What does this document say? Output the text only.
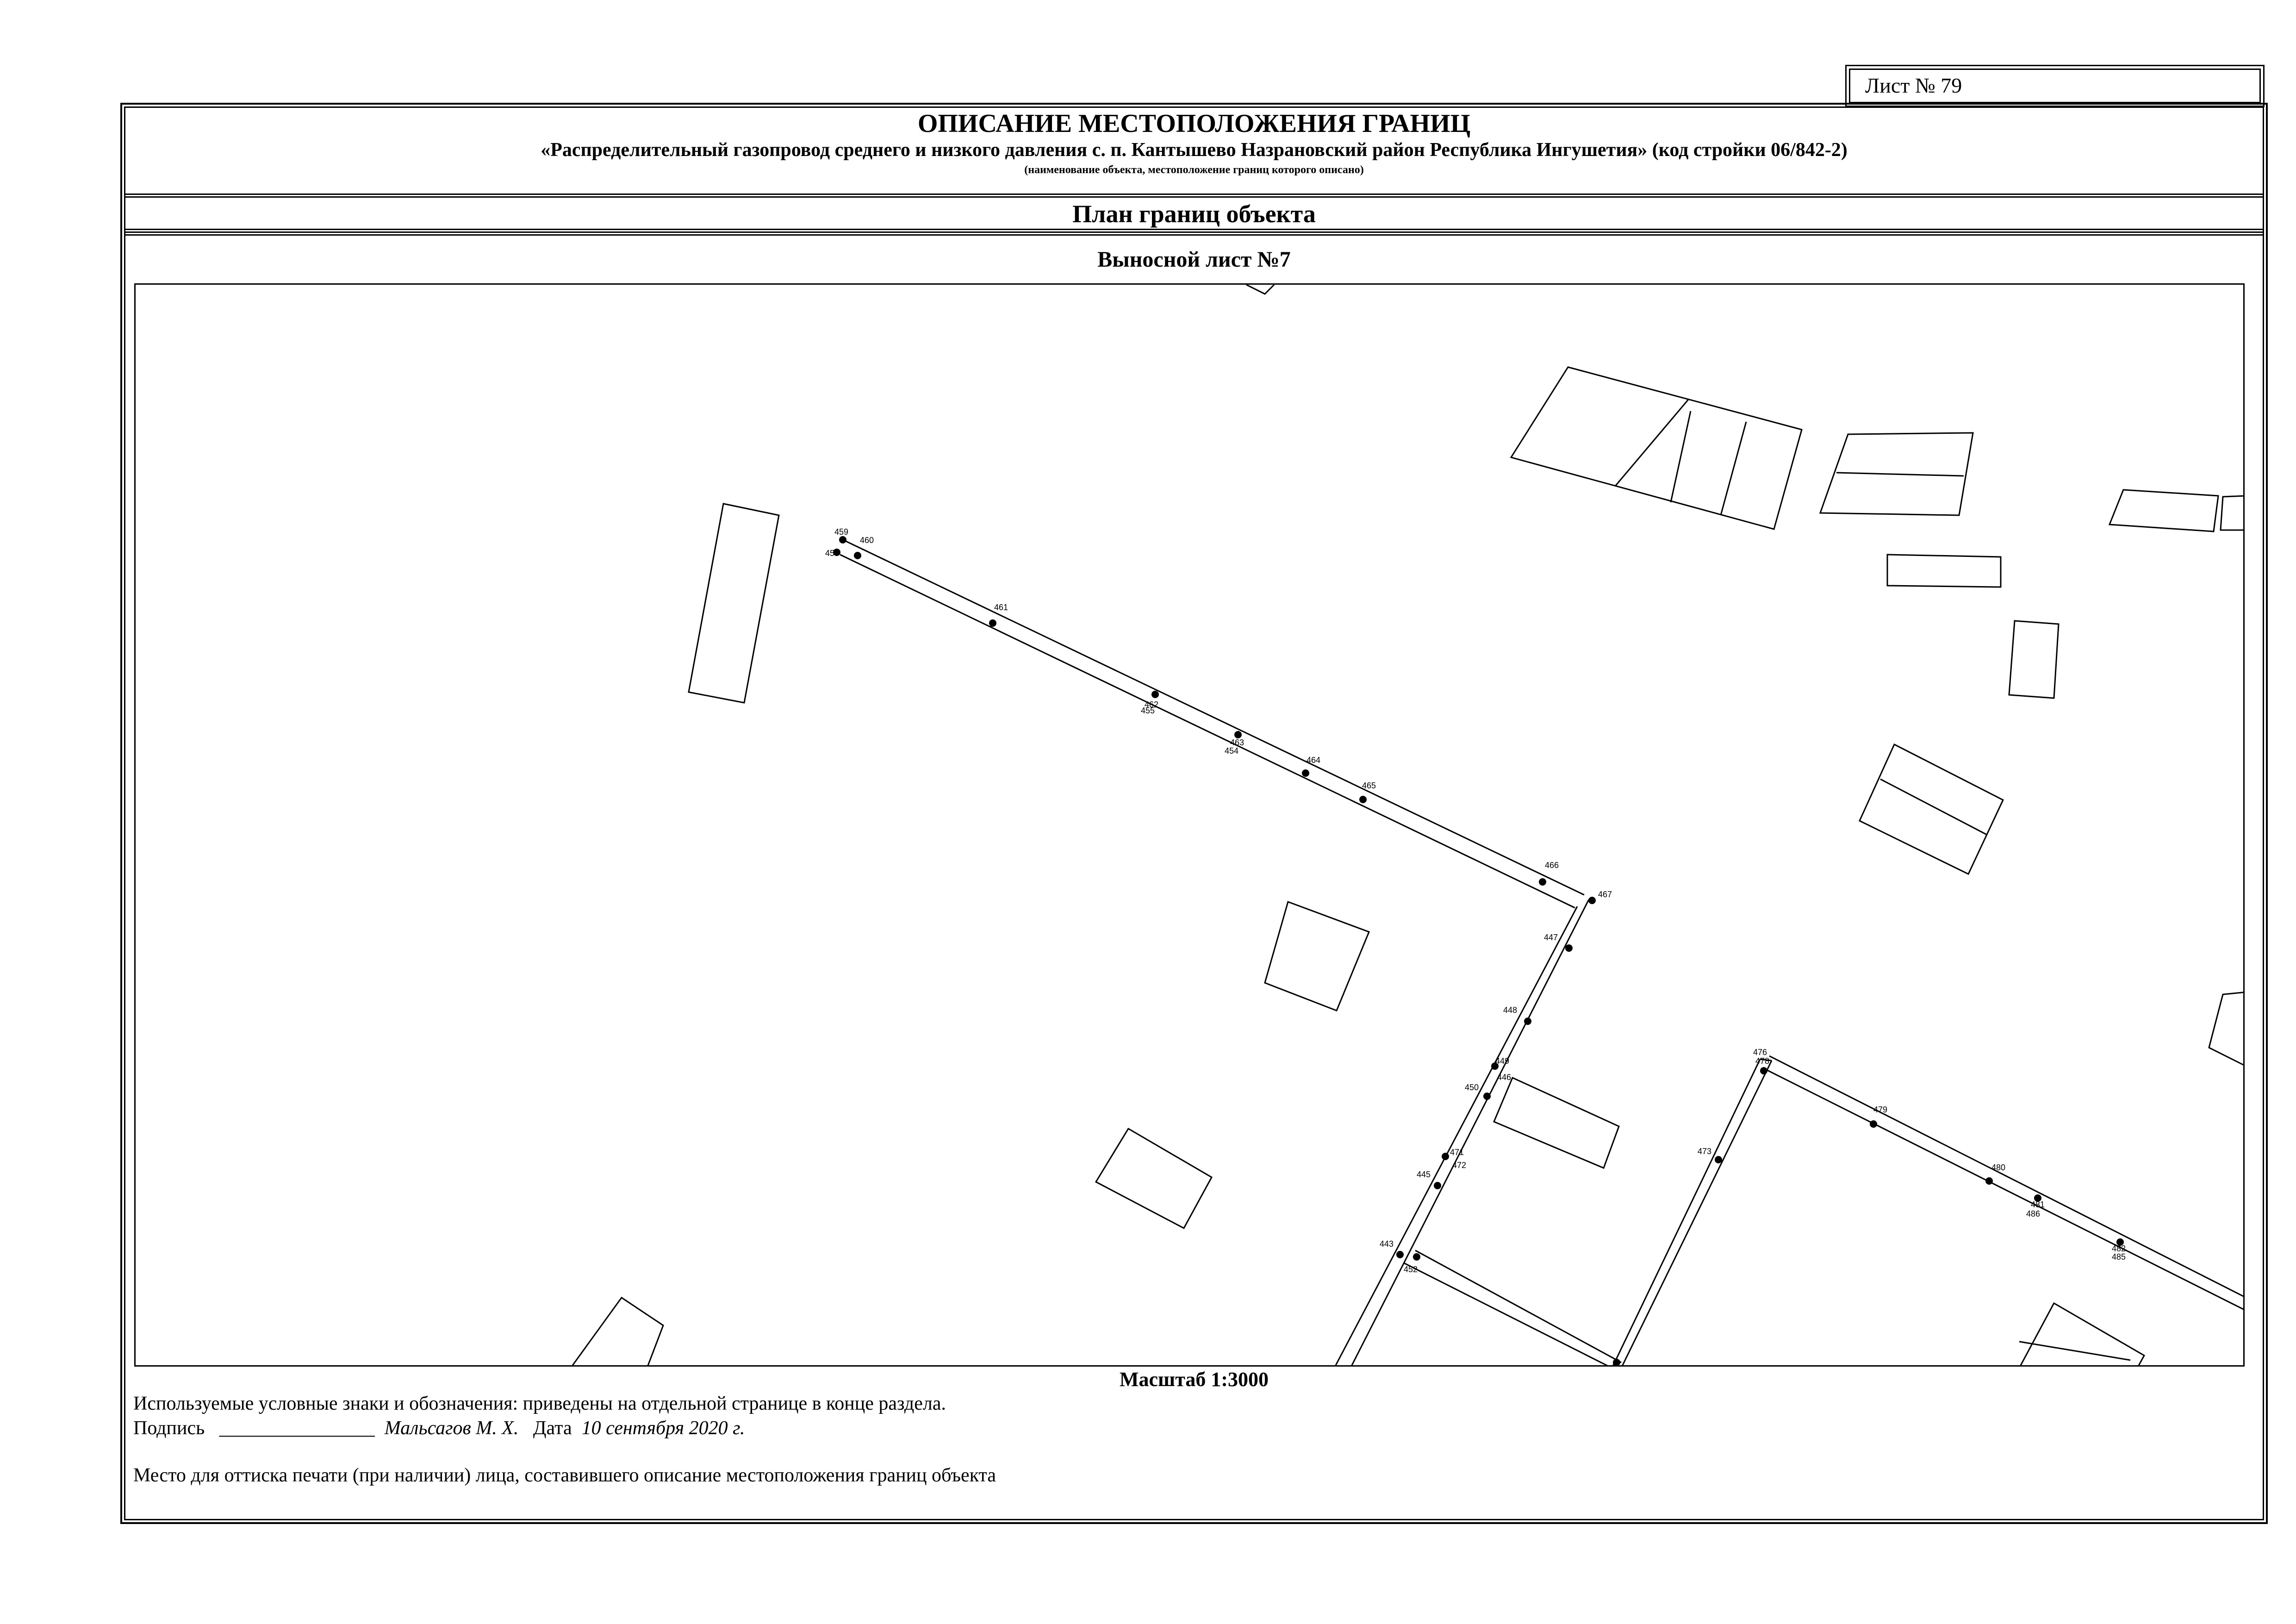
Лист № 79
ОПИСАНИЕ МЕСТОПОЛОЖЕНИЯ ГРАНИЦ
«Распределительный газопровод среднего и низкого давления с. п. Кантышево Назрановский район Республика Ингушетия» (код стройки 06/842-2)
(наименование объекта, местоположение границ которого описано)
План границ объекта
Выносной лист №7
459
460
458
461
462
455
463
454
464
465
466
467
447
448
449
450
446
471
472
445
443
452
476
479
478
473
480
481
486
482
485
Масштаб 1:3000
Используемые условные знаки и обозначения: приведены на отдельной странице в конце раздела.
Подпись ________________ Мальсагов М. Х. Дата 10 сентября 2020 г.
Место для оттиска печати (при наличии) лица, составившего описание местоположения границ объекта
